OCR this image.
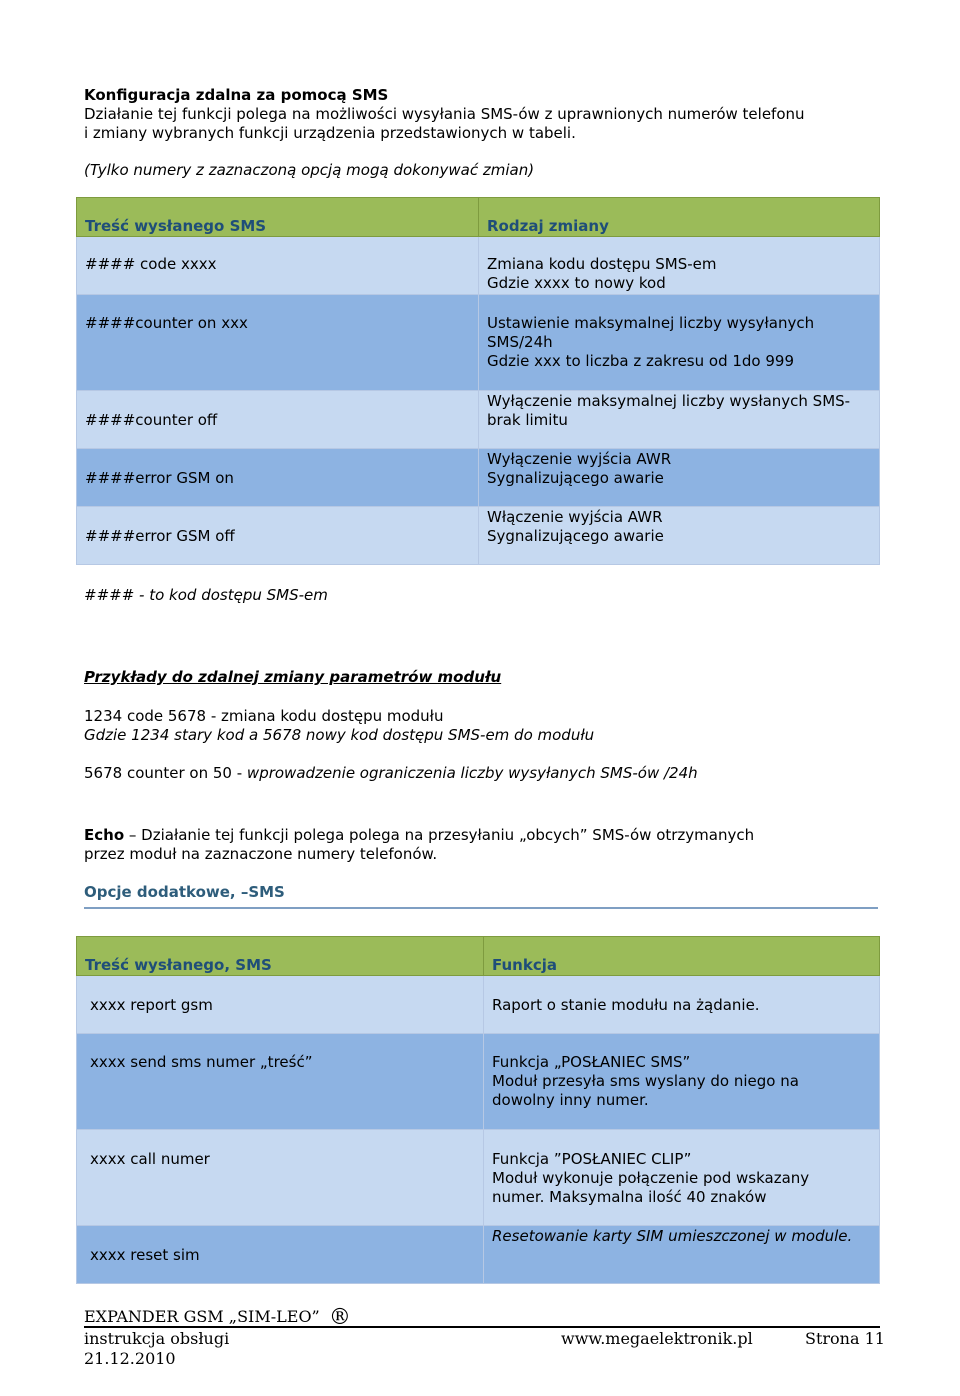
Konfiguracja zdalna za pomocą SMS
Działanie tej funkcji polega na możliwości wysyłania SMS-ów z uprawnionych numerów telefonu
i zmiany wybranych funkcji urządzenia przedstawionych w tabeli.
(Tylko numery z zaznaczoną opcją mogą dokonywać zmian)
Treść wysłanego SMS	Rodzaj zmiany
#### code xxxx	Zmiana kodu dostępu SMS-em
Gdzie xxxx to nowy kod

####counter on xxx	Ustawienie maksymalnej liczby wysyłanych
SMS/24h
Gdzie xxx to liczba z zakresu od 1do 999

####counter off	Wyłączenie maksymalnej liczby wysłanych SMS-
brak limitu

####error GSM on	Wyłączenie wyjścia AWR
Sygnalizującego awarie

####error GSM off	Włączenie wyjścia AWR
Sygnalizującego awarie
#### - to kod dostępu SMS-em
Przykłady do zdalnej zmiany parametrów modułu
1234 code 5678 - zmiana kodu dostępu modułu
Gdzie 1234 stary kod a 5678 nowy kod dostępu SMS-em do modułu
5678 counter on 50 - wprowadzenie ograniczenia liczby wysyłanych SMS-ów /24h
Echo – Działanie tej funkcji polega polega na przesyłaniu „obcych” SMS-ów otrzymanych
przez moduł na zaznaczone numery telefonów.
Opcje dodatkowe, –SMS
Treść wysłanego, SMS	Funkcja
xxxx report gsm	Raport o stanie modułu na żądanie.

xxxx send sms numer „treść”	Funkcja „POSŁANIEC SMS”
Moduł przesyła sms wyslany do niego na
dowolny inny numer.

xxxx call numer	Funkcja ”POSŁANIEC CLIP”
Moduł wykonuje połączenie pod wskazany
numer. Maksymalna ilość 40 znaków

xxxx reset sim	Resetowanie karty SIM umieszczonej w module.
EXPANDER GSM „SIM-LEO” ®
instrukcja obsługi	www.megaelektronik.pl	Strona 11
21.12.2010
